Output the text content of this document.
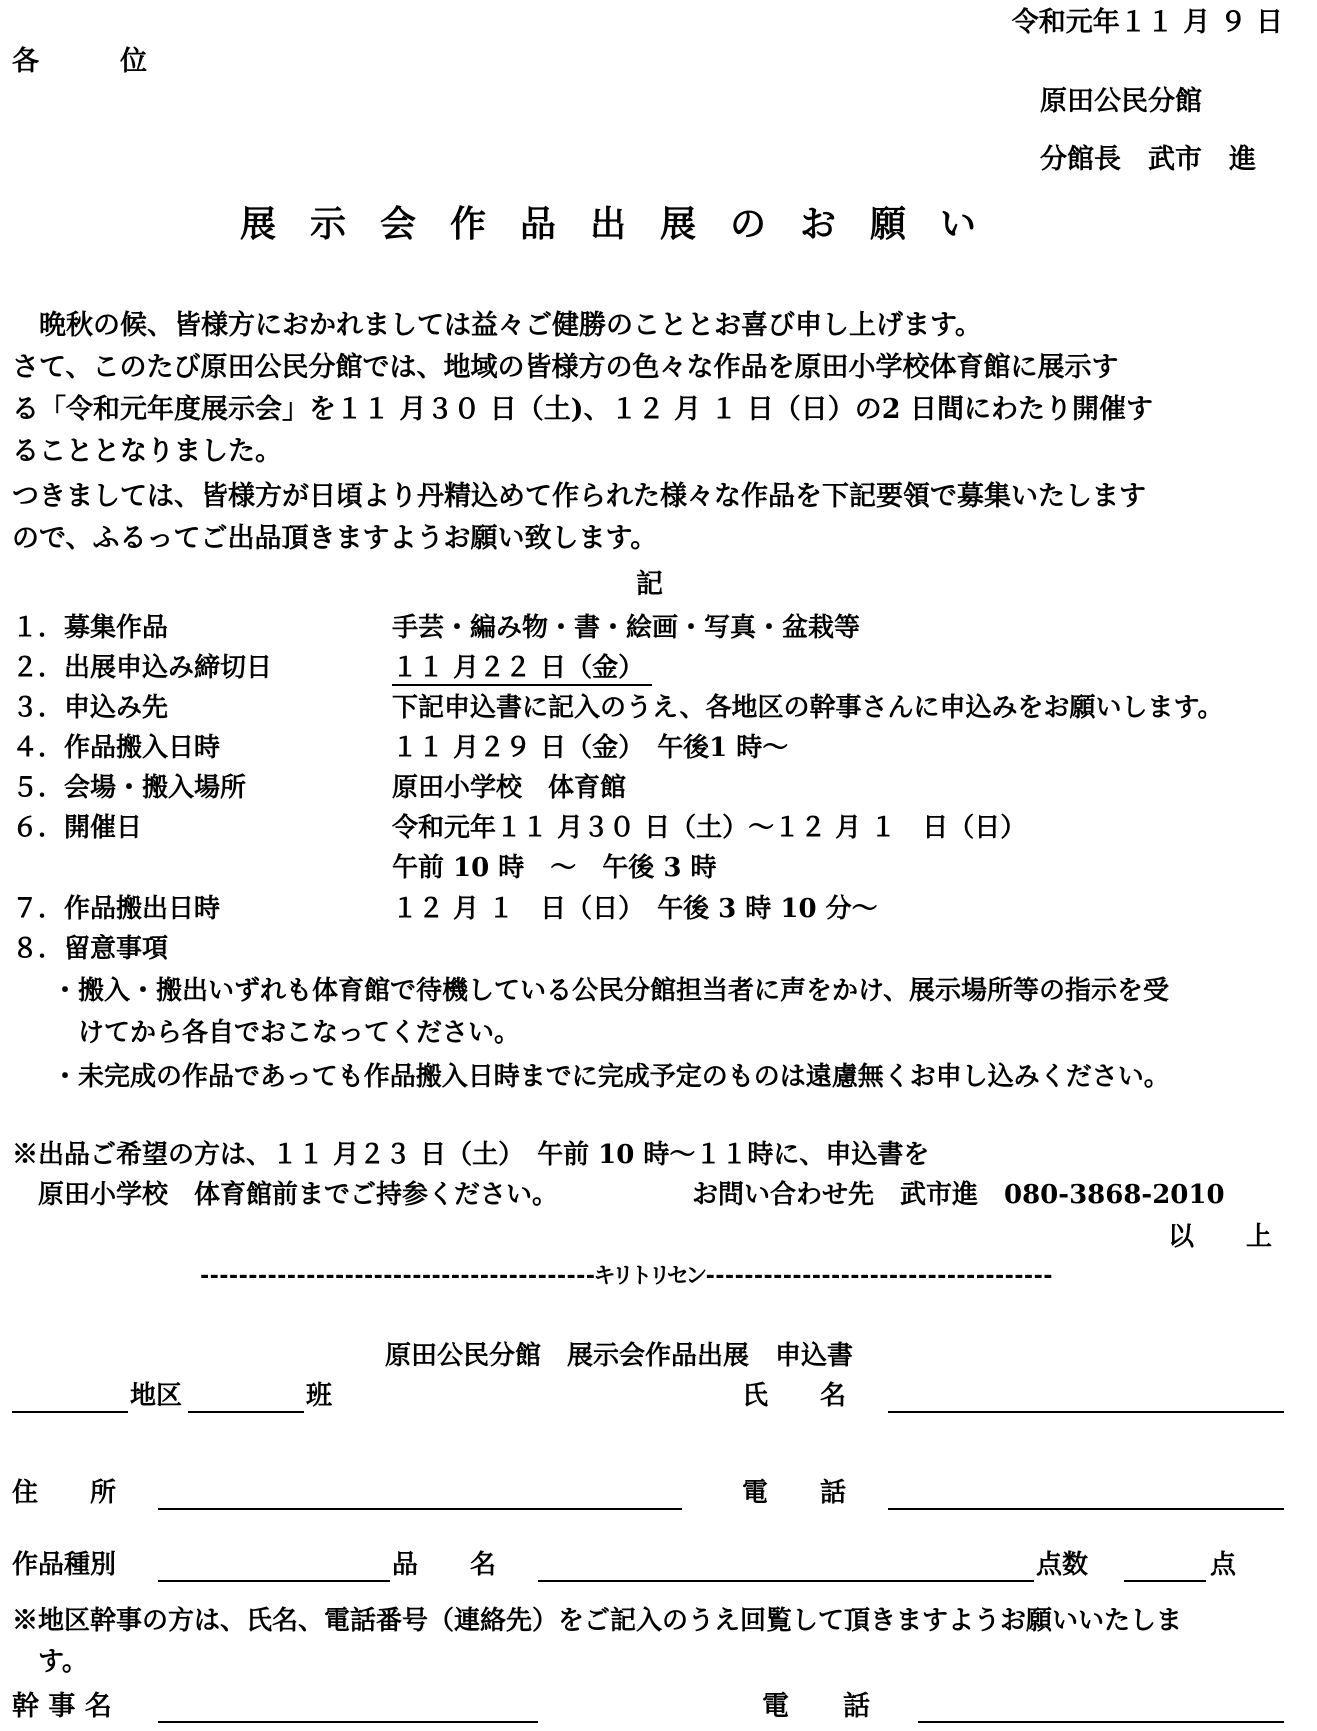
令和元年１１ 月 ９ 日
各　　　位
原田公民分館
分館長　武市　進
展示会作品出展のお願い
　晩秋の候、皆様方におかれましては益々ご健勝のこととお喜び申し上げます。
さて、このたび原田公民分館では、地域の皆様方の色々な作品を原田小学校体育館に展示す
る「令和元年度展示会」を１１ 月３０ 日（土)、１２ 月 １ 日（日）の2 日間にわたり開催す
ることとなりました。
つきましては、皆様方が日頃より丹精込めて作られた様々な作品を下記要領で募集いたします
ので、ふるってご出品頂きますようお願い致します。
記
１．募集作品	手芸・編み物・書・絵画・写真・盆栽等
２．出展申込み締切日	１１ 月２２ 日（金）
３．申込み先	下記申込書に記入のうえ、各地区の幹事さんに申込みをお願いします。
４．作品搬入日時	１１ 月２９ 日（金）　午後1 時～
５．会場・搬入場所	原田小学校　体育館
６．開催日	令和元年１１ 月３０ 日（土）～１２ 月 １　日（日）
午前 10 時　～　午後 3 時
７．作品搬出日時	１２ 月 １　日（日）　午後 3 時 10 分～
８．留意事項
・搬入・搬出いずれも体育館で待機している公民分館担当者に声をかけ、展示場所等の指示を受
　けてから各自でおこなってください。
・未完成の作品であっても作品搬入日時までに完成予定のものは遠慮無くお申し込みください。
※出品ご希望の方は、１１ 月２３ 日（土）　午前 10 時～１１時に、申込書を
　原田小学校　体育館前までご持参ください。	お問い合わせ先　武市進　080-3868-2010
以　　上
-----------------------------------------キリトリセン------------------------------------
原田公民分館　展示会作品出展　申込書
地区	班	氏　　名
住　　所	電　　話
作品種別	品　　名	点数	点
※地区幹事の方は、氏名、電話番号（連絡先）をご記入のうえ回覧して頂きますようお願いいたしま
　す。
幹 事 名	電　　話
